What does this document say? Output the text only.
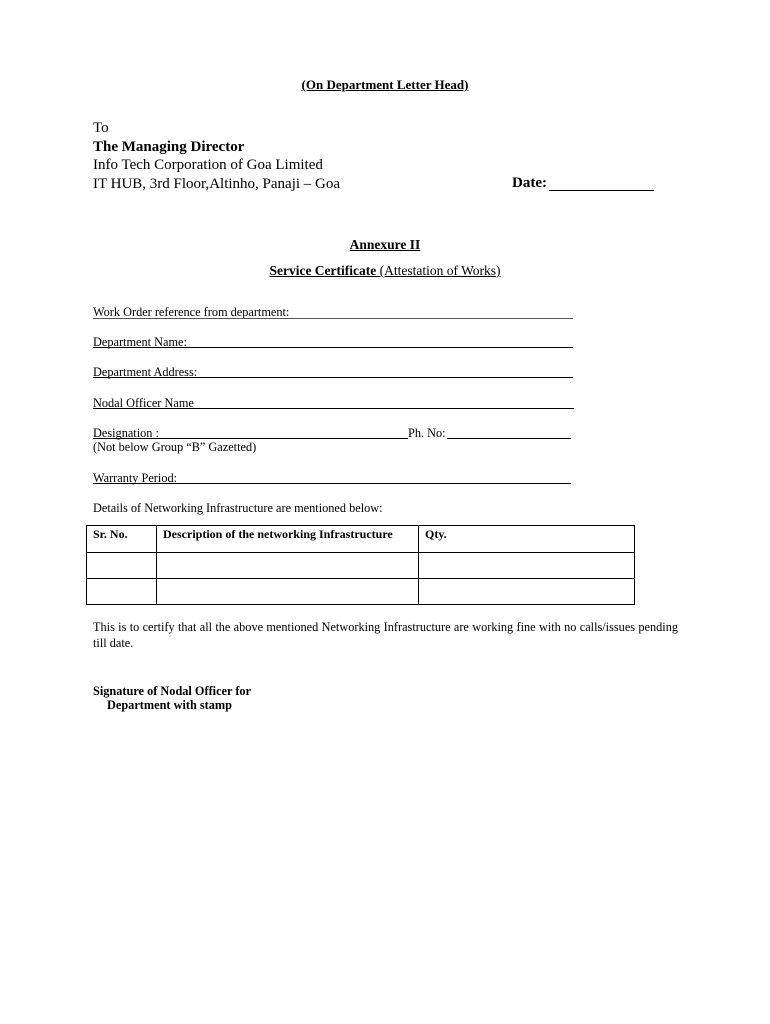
(On Department Letter Head)
To
The Managing Director
Info Tech Corporation of Goa Limited
IT HUB, 3rd Floor,Altinho, Panaji – Goa	Date:
Annexure II
Service Certificate (Attestation of Works)
Work Order reference from department:
Department Name:
Department Address:
Nodal Officer Name
Designation :	Ph. No:
(Not below Group “B” Gazetted)
Warranty Period:
Details of Networking Infrastructure are mentioned below:
Sr. No.	Description of the networking Infrastructure	Qty.

This is to certify that all the above mentioned Networking Infrastructure are working fine with no calls/issues pending till date.
Signature of Nodal Officer for
Department with stamp
